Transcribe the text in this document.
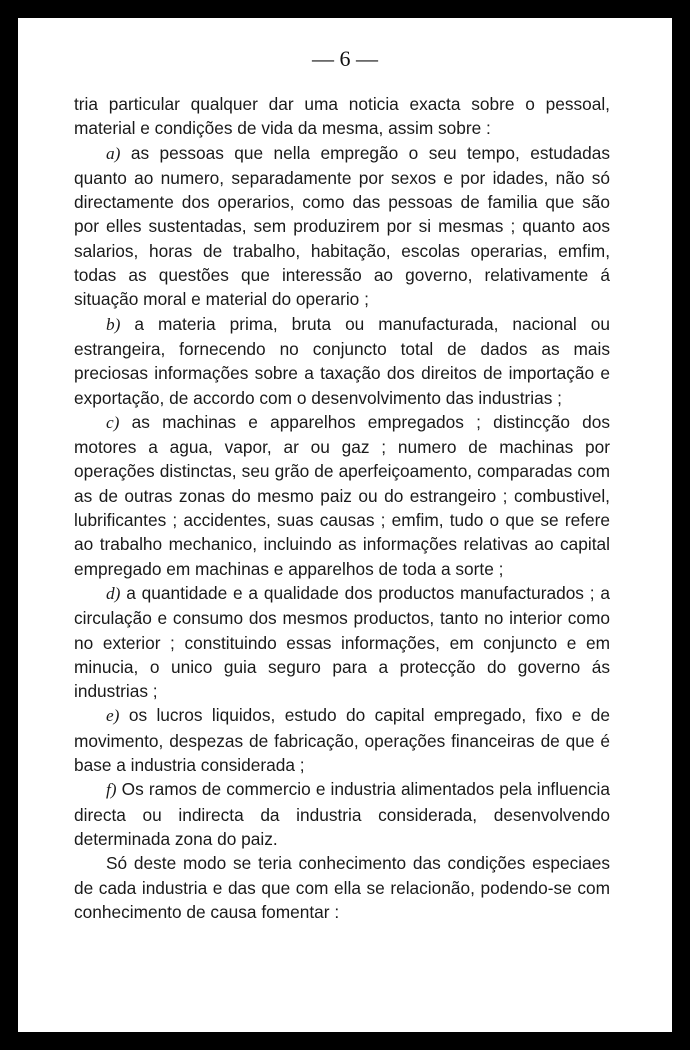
— 6 —

tria particular qualquer dar uma noticia exacta sobre o pessoal, material e condições de vida da mesma, assim sobre :

a) as pessoas que nella empregão o seu tempo, estudadas quanto ao numero, separadamente por sexos e por idades, não só directamente dos operarios, como das pessoas de familia que são por elles sustentadas, sem produzirem por si mesmas ; quanto aos salarios, horas de trabalho, habitação, escolas operarias, emfim, todas as questões que interessão ao governo, relativamente á situação moral e material do operario ;

b) a materia prima, bruta ou manufacturada, nacional ou estrangeira, fornecendo no conjuncto total de dados as mais preciosas informações sobre a taxação dos direitos de importação e exportação, de accordo com o desenvolvimento das industrias ;

c) as machinas e apparelhos empregados ; distincção dos motores a agua, vapor, ar ou gaz ; numero de machinas por operações distinctas, seu grão de aperfeiçoamento, comparadas com as de outras zonas do mesmo paiz ou do estrangeiro ; combustivel, lubrificantes ; accidentes, suas causas ; emfim, tudo o que se refere ao trabalho mechanico, incluindo as informações relativas ao capital empregado em machinas e apparelhos de toda a sorte ;

d) a quantidade e a qualidade dos productos manufacturados ; a circulação e consumo dos mesmos productos, tanto no interior como no exterior ; constituindo essas informações, em conjuncto e em minucia, o unico guia seguro para a protecção do governo ás industrias ;

e) os lucros liquidos, estudo do capital empregado, fixo e de movimento, despezas de fabricação, operações financeiras de que é base a industria considerada ;

f) Os ramos de commercio e industria alimentados pela influencia directa ou indirecta da industria considerada, desenvolvendo determinada zona do paiz.

Só deste modo se teria conhecimento das condições especiaes de cada industria e das que com ella se relacionão, podendo-se com conhecimento de causa fomentar :
